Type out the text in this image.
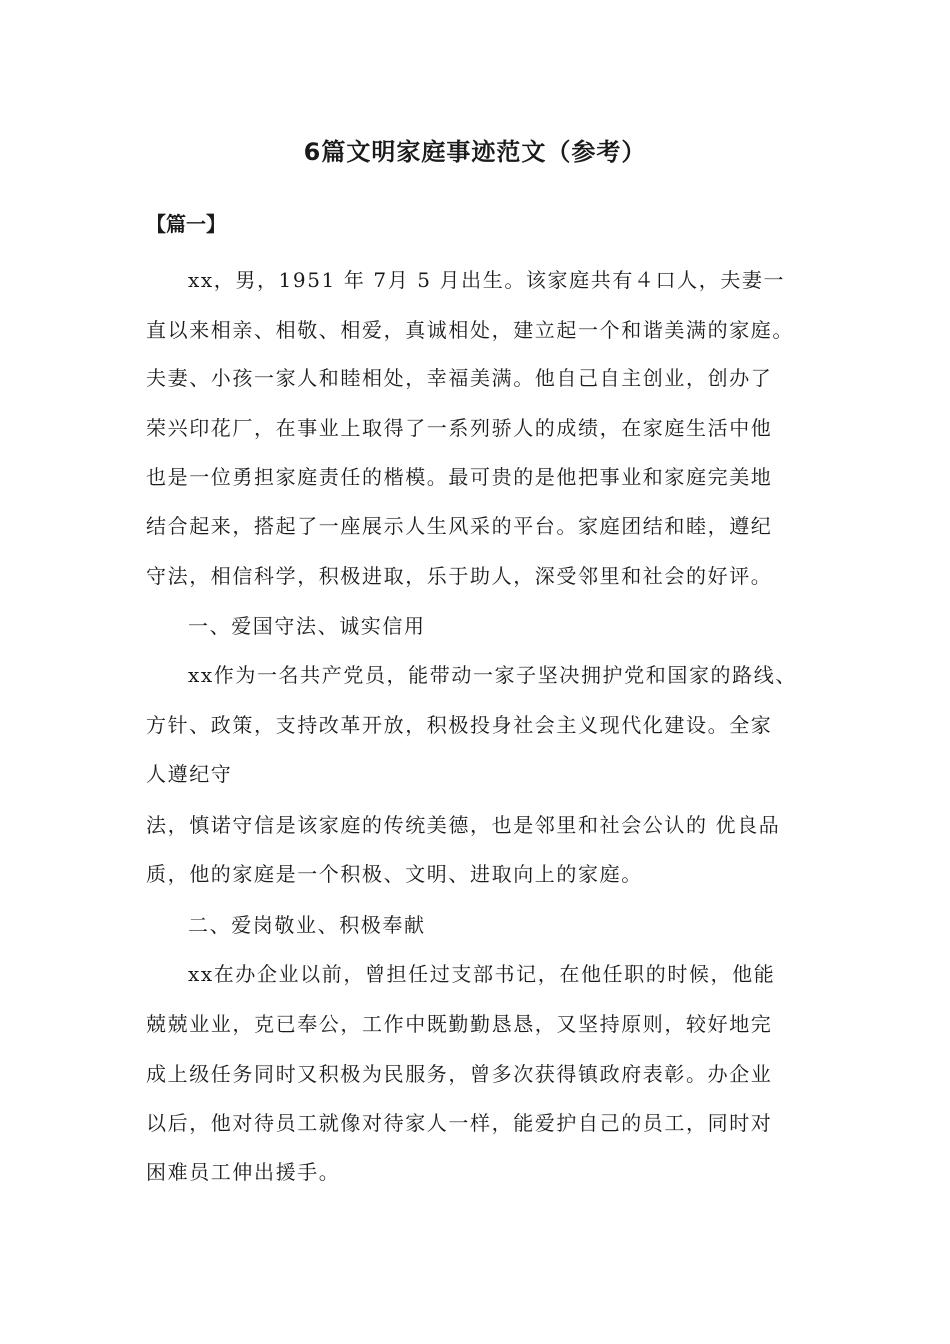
6篇文明家庭事迹范文（参考）
【篇一】
xx，男，1951 年 7月 5 月出生。该家庭共有４口人，夫妻一
直以来相亲、相敬、相爱，真诚相处，建立起一个和谐美满的家庭。
夫妻、小孩一家人和睦相处，幸福美满。他自己自主创业，创办了
荣兴印花厂，在事业上取得了一系列骄人的成绩，在家庭生活中他
也是一位勇担家庭责任的楷模。最可贵的是他把事业和家庭完美地
结合起来，搭起了一座展示人生风采的平台。家庭团结和睦，遵纪
守法，相信科学，积极进取，乐于助人，深受邻里和社会的好评。
一、爱国守法、诚实信用
xx作为一名共产党员，能带动一家子坚决拥护党和国家的路线、
方针、政策，支持改革开放，积极投身社会主义现代化建设。全家
人遵纪守
法，慎诺守信是该家庭的传统美德，也是邻里和社会公认的 优良品
质，他的家庭是一个积极、文明、进取向上的家庭。
二、爱岗敬业、积极奉献
xx在办企业以前，曾担任过支部书记，在他任职的时候，他能
兢兢业业，克已奉公，工作中既勤勤恳恳，又坚持原则，较好地完
成上级任务同时又积极为民服务，曾多次获得镇政府表彰。办企业
以后，他对待员工就像对待家人一样，能爱护自己的员工，同时对
困难员工伸出援手。
